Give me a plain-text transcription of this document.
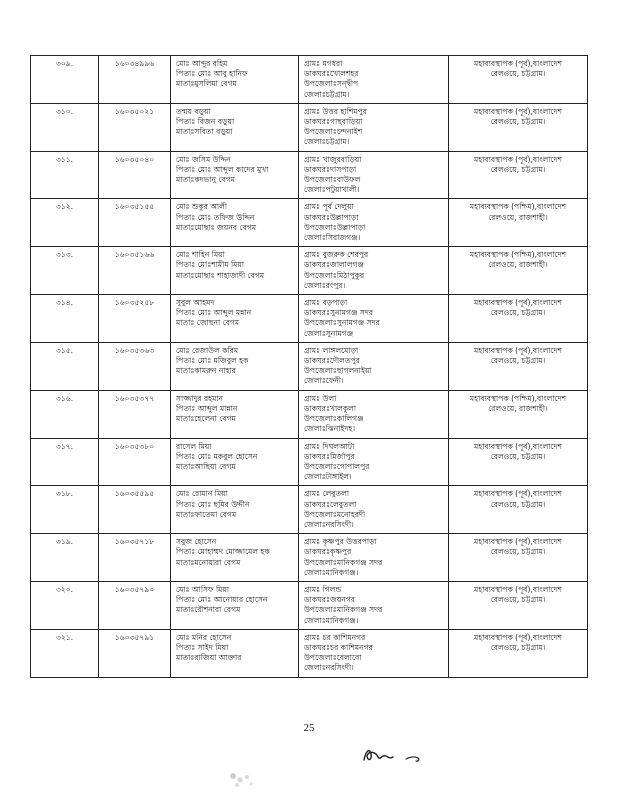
৩০৯.	১৬০৩৪৯৯৬	মোঃ আব্দুর রহিম
পিতাঃ মোঃ আবু হানিফ
মাতাঃমুসলিমা বেগম	গ্রামঃ মগধরা
ডাকঘরঃখোলশহর
উপজেলাঃসন্দ্বীপ
জেলাঃচট্টগ্রাম।	মহাব্যবস্থাপক (পূর্ব),বাংলাদেশ
রেলওয়ে, চট্টগ্রাম।

৩১০.	১৬০৩৫০২১	তন্ময় বড়ুয়া
পিতাঃ বিজন বড়ুয়া
মাতাঃসবিতা বড়ুয়া	গ্রামঃ উত্তর হাশিমপুর
ডাকঘরঃগাছবাড়িয়া
উপজেলাঃচন্দনাইশ
জেলাঃচট্টগ্রাম।	মহাব্যবস্থাপক (পূর্ব),বাংলাদেশ
রেলওয়ে, চট্টগ্রাম।

৩১১.	১৬০৩৫০৪০	মোঃ জসিম উদ্দিন
পিতাঃ মোঃ আব্দুল কাদের মুখা
মাতাঃকদভানু বেগম	গ্রামঃ খাজুরবাড়িয়া
ডাকঘরঃদাসপাড়া
উপজেলাঃবাউফল
জেলাঃপটুয়াখালী।	মহাব্যবস্থাপক (পূর্ব),বাংলাদেশ
রেলওয়ে, চট্টগ্রাম।

৩১২.	১৬০৩৫১৫৫	মোঃ শুকুর আলী
পিতাঃ মোঃ তফিজ উদ্দিন
মাতাঃমোছাঃ জয়নব বেগম	গ্রামঃ পূর্ব দেলুয়া
ডাকঘরঃউল্লাপাড়া
উপজেলাঃউল্লাপাড়া
জেলাঃসিরাজগঞ্জ।	মহাব্যবস্থাপক (পশ্চিম),বাংলাদেশ
রেলওয়ে, রাজশাহী।

৩১৩.	১৬০৩৫১৬৬	মোঃ শাহিন মিয়া
পিতাঃ মোঃশামীম মিয়া
মাতাঃমোছাঃ শাহাজাদী বেগম	গ্রামঃ বুজরুক শেরপুর
ডাকঘরঃজালালগঞ্জ
উপজেলাঃমিঠাপুকুর
জেলাঃরংপুর।	মহাব্যবস্থাপক (পশ্চিম),বাংলাদেশ
রেলওয়ে, রাজশাহী।

৩১৪.	১৬০৩৫২৫৮	সুবুল আহমদ
পিতাঃ মোঃ আব্দুল মন্নান
মাতাঃ জোছনা বেগম	গ্রামঃ বড়পাড়া
ডাকঘরঃসুনামগঞ্জ সদর
উপজেলাঃসুনামগঞ্জ সদর
জেলাঃসুনামগঞ্জ	মহাব্যবস্থাপক (পূর্ব),বাংলাদেশ
রেলওয়ে, চট্টগ্রাম।

৩১৫.	১৬০৩৫৩৬৩	মোঃ রেজাউল করিম
পিতাঃ মোঃ মজিবুল হক
মাতাঃকামরুন নাহার	গ্রামঃ লাঙ্গলমোড়া
ডাকঘরঃদৌলতপুর
উপজেলাঃছাগলনাইয়া
জেলাঃফেনী।	মহাব্যবস্থাপক (পূর্ব),বাংলাদেশ
রেলওয়ে, চট্টগ্রাম।

৩১৬.	১৬০৩৫৩৭৭	সাজ্জাদুর রহমান
পিতাঃ আব্দুল মান্নান
মাতাঃহেলেনা বেগম	গ্রামঃ উলা
ডাকঘরঃখালকুলা
উপজেলাঃকালিগঞ্জ
জেলাঃঝিনাইদহ।	মহাব্যবস্থাপক (পশ্চিম),বাংলাদেশ
রেলওয়ে, রাজশাহী।

৩১৭.	১৬০৩৫৩৮০	রাসেল মিয়া
পিতাঃ মোঃ মকবুল হোসেন
মাতাঃআছিয়া বেগম	গ্রামঃ দিঘলআটা
ডাকঘরঃমির্জাপুর
উপজেলাঃগোপালপুর
জেলাঃটাঙ্গাইল।	মহাব্যবস্থাপক (পূর্ব),বাংলাদেশ
রেলওয়ে, চট্টগ্রাম।

৩১৮.	১৬০৩৫৫৯৫	মোঃ রোমান মিয়া
পিতাঃ মোঃ ছমির উদ্দীন
মাতাঃফাতেমা বেগম	গ্রামঃ লেবুতলা
ডাকঘরঃলেবুতলা
উপজেলাঃমনোহরদী
জেলাঃনরসিংদী।	মহাব্যবস্থাপক (পূর্ব),বাংলাদেশ
রেলওয়ে, চট্টগ্রাম।

৩১৯.	১৬০৩৫৭১৮	সবুজ হোসেন
পিতাঃ মোহাম্মদ মোজ্জামেল হক
মাতাঃমনোয়ারা বেগম	গ্রামঃ কৃষ্ণপুর উত্তরপাড়া
ডাকঘরঃকৃষ্ণপুর
উপজেলাঃমানিকগঞ্জ সদর
জেলাঃমানিকগঞ্জ।	মহাব্যবস্থাপক (পূর্ব),বাংলাদেশ
রেলওয়ে, চট্টগ্রাম।

৩২০.	১৬০৩৫৭৯০	মোঃ আসিফ মিয়া
পিতাঃ মোঃ আনোয়ার হোসেন
মাতাঃরৌশনারা বেগম	গ্রামঃ গিলন্ড
ডাকঘরঃজয়নগর
উপজেলাঃমানিকগঞ্জ সদর
জেলাঃমানিকগঞ্জ।	মহাব্যবস্থাপক (পূর্ব),বাংলাদেশ
রেলওয়ে, চট্টগ্রাম।

৩২১.	১৬০৩৫৭৯১	মোঃ মনির হোসেন
পিতাঃ সাইদ মিয়া
মাতাঃরাজিয়া আক্তার	গ্রামঃ চর কাশিমনগর
ডাকঘরঃচর কাশিমনগর
উপজেলাঃবেলাবো
জেলাঃনরসিংদী।	মহাব্যবস্থাপক (পূর্ব),বাংলাদেশ
রেলওয়ে, চট্টগ্রাম।
25
